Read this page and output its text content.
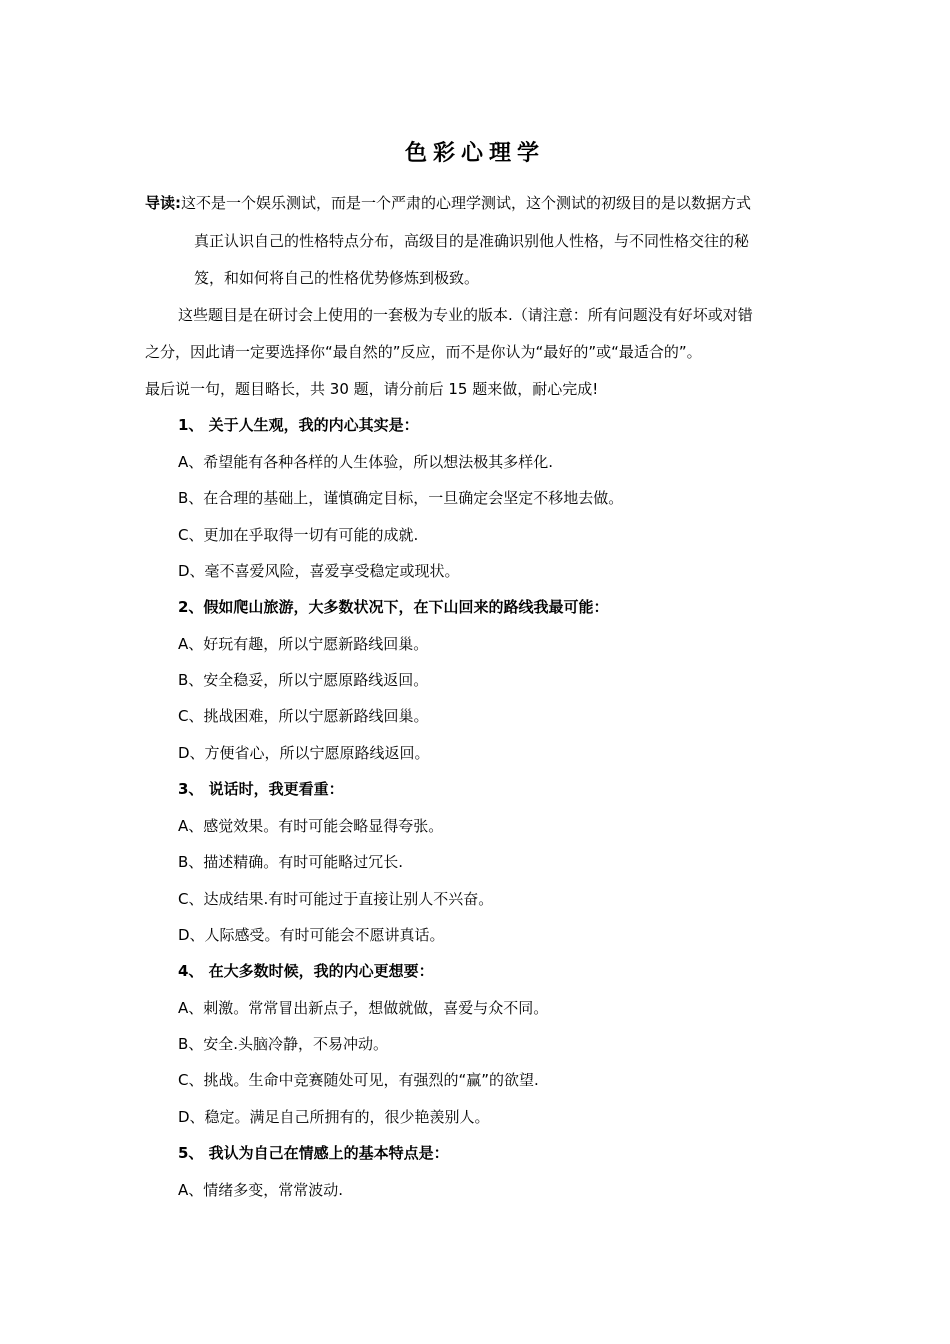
色彩心理学
导读:这不是一个娱乐测试，而是一个严肃的心理学测试，这个测试的初级目的是以数据方式
真正认识自己的性格特点分布，高级目的是准确识别他人性格，与不同性格交往的秘
笈，和如何将自己的性格优势修炼到极致。
这些题目是在研讨会上使用的一套极为专业的版本.（请注意：所有问题没有好坏或对错
之分，因此请一定要选择你“最自然的”反应，而不是你认为“最好的”或“最适合的”。
最后说一句，题目略长，共 30 题，请分前后 15 题来做，耐心完成!
1、 关于人生观，我的内心其实是：
A、希望能有各种各样的人生体验，所以想法极其多样化.
B、在合理的基础上，谨慎确定目标，一旦确定会坚定不移地去做。
C、更加在乎取得一切有可能的成就.
D、毫不喜爱风险，喜爱享受稳定或现状。
2、假如爬山旅游，大多数状况下，在下山回来的路线我最可能：
A、好玩有趣，所以宁愿新路线回巢。
B、安全稳妥，所以宁愿原路线返回。
C、挑战困难，所以宁愿新路线回巢。
D、方便省心，所以宁愿原路线返回。
3、 说话时，我更看重：
A、感觉效果。有时可能会略显得夸张。
B、描述精确。有时可能略过冗长.
C、达成结果.有时可能过于直接让别人不兴奋。
D、人际感受。有时可能会不愿讲真话。
4、 在大多数时候，我的内心更想要：
A、刺激。常常冒出新点子，想做就做，喜爱与众不同。
B、安全.头脑冷静，不易冲动。
C、挑战。生命中竞赛随处可见，有强烈的“赢”的欲望.
D、稳定。满足自己所拥有的，很少艳羡别人。
5、 我认为自己在情感上的基本特点是：
A、情绪多变，常常波动.
